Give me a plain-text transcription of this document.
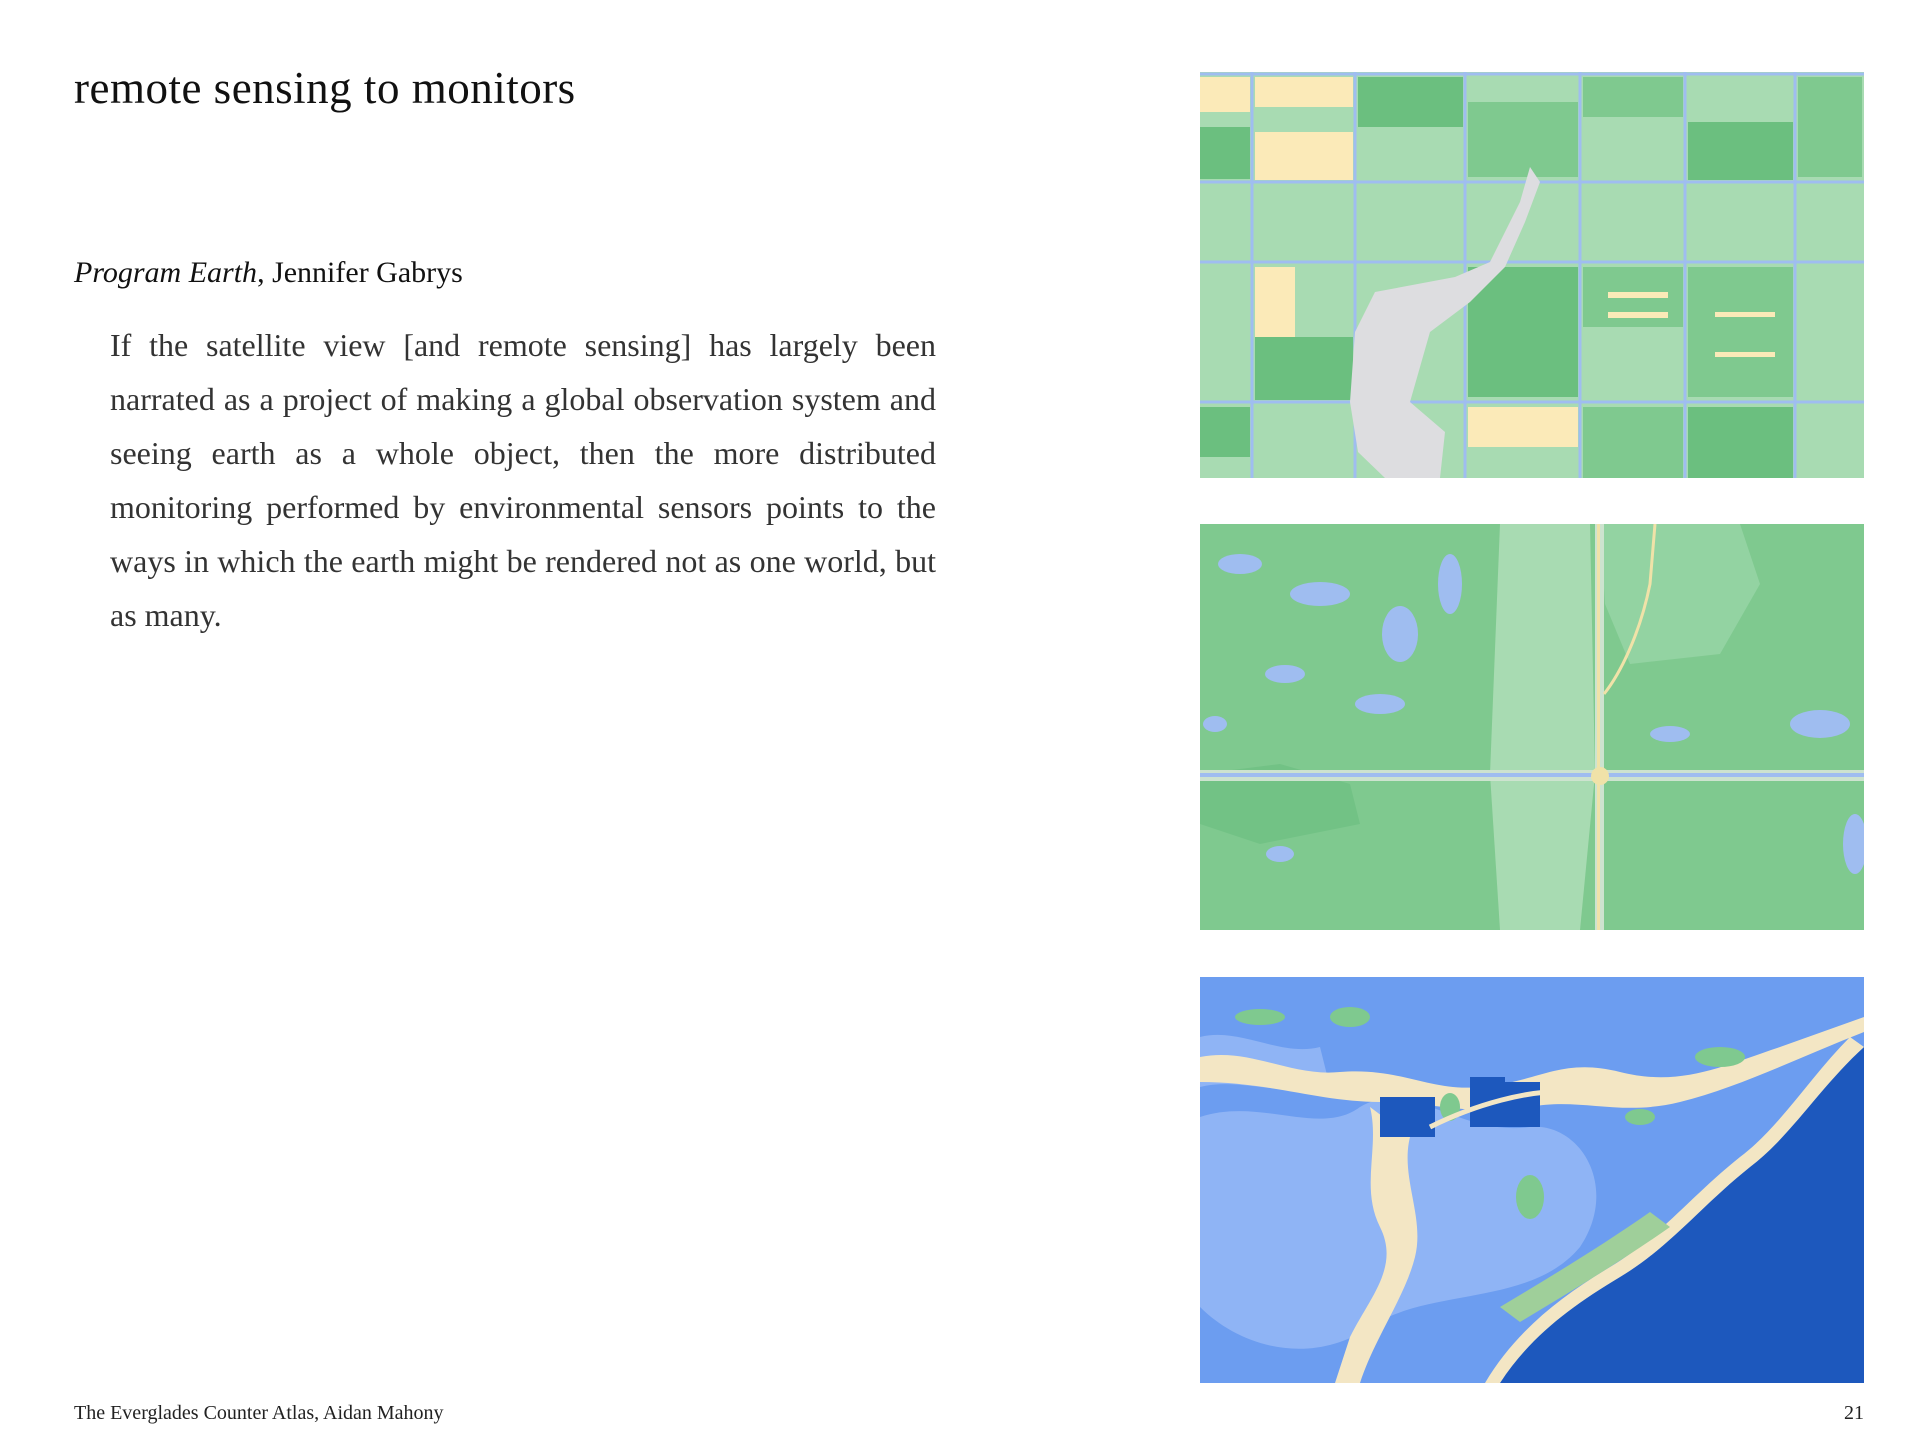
remote sensing to monitors
Program Earth, Jennifer Gabrys

If the satellite view [and remote sensing] has largely been narrated as a project of making a global observation system and seeing earth as a whole object, then the more distributed monitoring performed by environmental sensors points to the ways in which the earth might be rendered not as one world, but as many.

The Everglades Counter Atlas, Aidan Mahony	21
